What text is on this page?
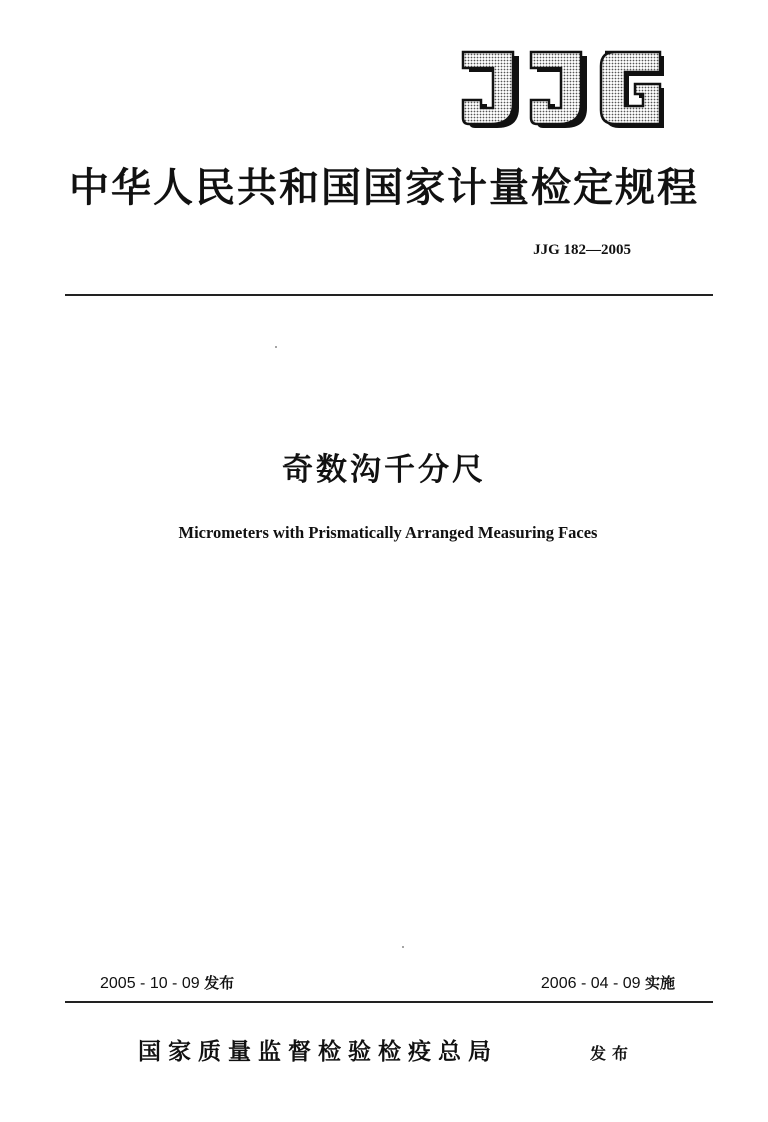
中华人民共和国国家计量检定规程
JJG 182—2005
奇数沟千分尺
Micrometers with Prismatically Arranged Measuring Faces
2005 - 10 - 09 发布	2006 - 04 - 09 实施
国家质量监督检验检疫总局	发布
